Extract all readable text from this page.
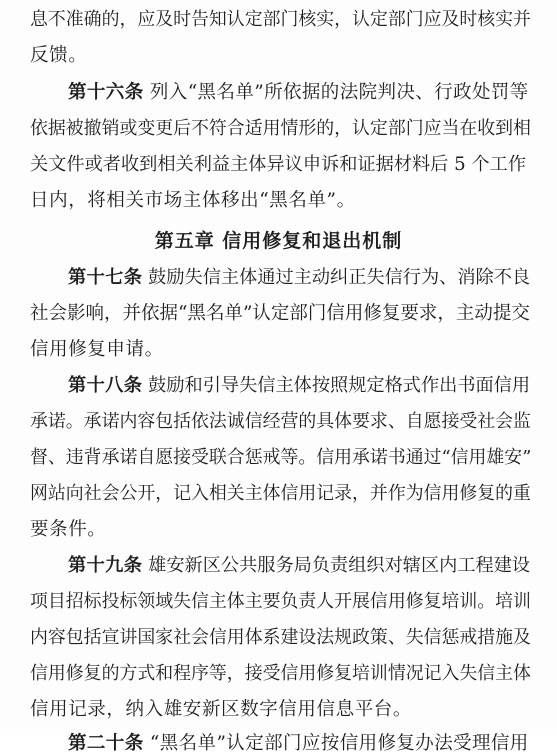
息不准确的，应及时告知认定部门核实，认定部门应及时核实并
反馈。
第十六条 列入“黑名单”所依据的法院判决、行政处罚等
依据被撤销或变更后不符合适用情形的，认定部门应当在收到相
关文件或者收到相关利益主体异议申诉和证据材料后 5 个工作
日内，将相关市场主体移出“黑名单”。
第五章 信用修复和退出机制
第十七条 鼓励失信主体通过主动纠正失信行为、消除不良
社会影响，并依据“黑名单”认定部门信用修复要求，主动提交
信用修复申请。
第十八条 鼓励和引导失信主体按照规定格式作出书面信用
承诺。承诺内容包括依法诚信经营的具体要求、自愿接受社会监
督、违背承诺自愿接受联合惩戒等。信用承诺书通过“信用雄安”
网站向社会公开，记入相关主体信用记录，并作为信用修复的重
要条件。
第十九条 雄安新区公共服务局负责组织对辖区内工程建设
项目招标投标领域失信主体主要负责人开展信用修复培训。培训
内容包括宣讲国家社会信用体系建设法规政策、失信惩戒措施及
信用修复的方式和程序等，接受信用修复培训情况记入失信主体
信用记录，纳入雄安新区数字信用信息平台。
第二十条 “黑名单”认定部门应按信用修复办法受理信用
